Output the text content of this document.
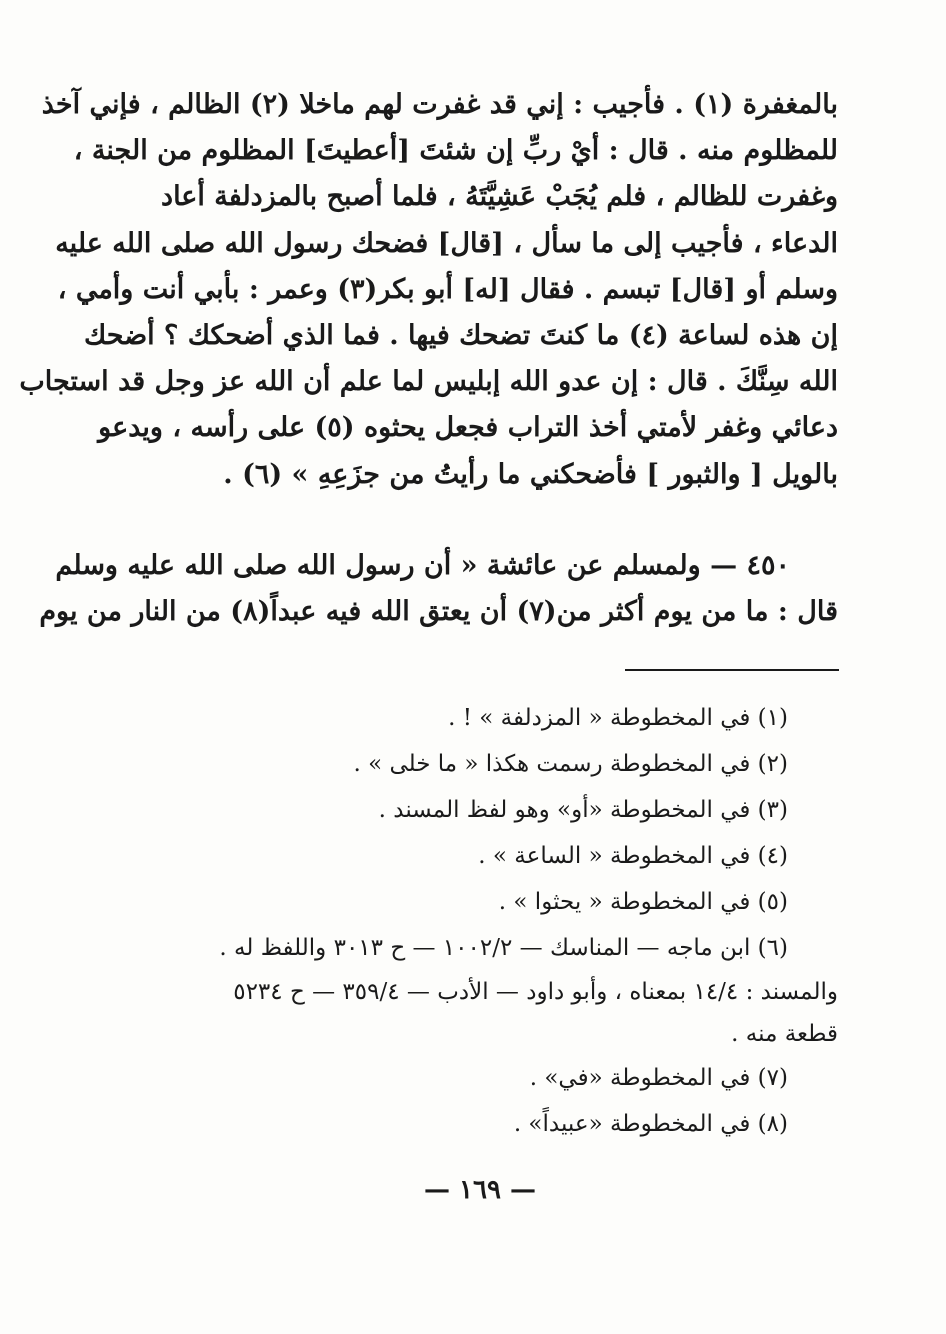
بالمغفرة (١) . فأجيب : إني قد غفرت لهم ماخلا (٢) الظالم ، فإني آخذ
للمظلوم منه . قال : أيْ ربِّ إن شئتَ [أعطيتَ] المظلوم من الجنة ،
وغفرت للظالم ، فلم يُجَبْ عَشِيَّتَهُ ، فلما أصبح بالمزدلفة أعاد
الدعاء ، فأجيب إلى ما سأل ، [قال] فضحك رسول الله صلى الله عليه
وسلم أو [قال] تبسم . فقال [له] أبو بكر(٣) وعمر : بأبي أنت وأمي ،
إن هذه لساعة (٤) ما كنتَ تضحك فيها . فما الذي أضحكك ؟ أضحك
الله سِنَّكَ . قال : إن عدو الله إبليس لما علم أن الله عز وجل قد استجاب
دعائي وغفر لأمتي أخذ التراب فجعل يحثوه (٥) على رأسه ، ويدعو
بالويل [ والثبور ] فأضحكني ما رأيتُ من جزَعِهِ » (٦) .
٤٥٠ — ولمسلم عن عائشة « أن رسول الله صلى الله عليه وسلم
قال : ما من يوم أكثر من(٧) أن يعتق الله فيه عبداً(٨) من النار من يوم
(١) في المخطوطة « المزدلفة » ! .
(٢) في المخطوطة رسمت هكذا « ما خلى » .
(٣) في المخطوطة «أو» وهو لفظ المسند .
(٤) في المخطوطة « الساعة » .
(٥) في المخطوطة « يحثوا » .
(٦) ابن ماجه — المناسك — ١٠٠٢/٢ — ح ٣٠١٣ واللفظ له .
والمسند : ١٤/٤ بمعناه ، وأبو داود — الأدب — ٣٥٩/٤ — ح ٥٢٣٤
قطعة منه .
(٧) في المخطوطة «في» .
(٨) في المخطوطة «عبيداً» .
— ١٦٩ —
